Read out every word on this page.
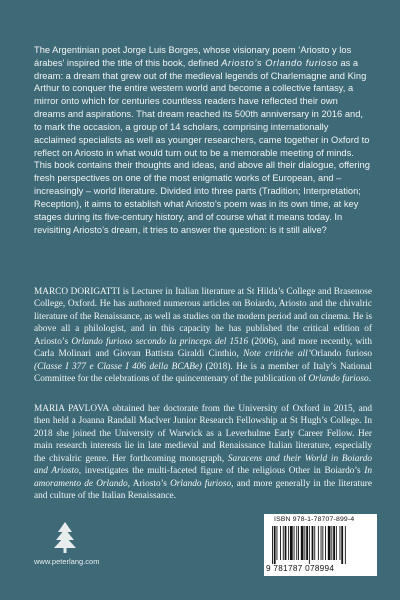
The Argentinian poet Jorge Luis Borges, whose visionary poem ‘Ariosto y los árabes’ inspired the title of this book, defined Ariosto’s Orlando furioso as a dream: a dream that grew out of the medieval legends of Charlemagne and King Arthur to conquer the entire western world and become a collective fantasy, a mirror onto which for centuries countless readers have reflected their own dreams and aspirations. That dream reached its 500th anniversary in 2016 and, to mark the occasion, a group of 14 scholars, comprising internationally acclaimed specialists as well as younger researchers, came together in Oxford to reflect on Ariosto in what would turn out to be a memorable meeting of minds. This book contains their thoughts and ideas, and above all their dialogue, offering fresh perspectives on one of the most enigmatic works of European, and – increasingly – world literature. Divided into three parts (Tradition; Interpretation; Reception), it aims to establish what Ariosto’s poem was in its own time, at key stages during its five-century history, and of course what it means today. In revisiting Ariosto’s dream, it tries to answer the question: is it still alive?

MARCO DORIGATTI is Lecturer in Italian literature at St Hilda’s College and Brasenose College, Oxford. He has authored numerous articles on Boiardo, Ariosto and the chivalric literature of the Renaissance, as well as studies on the modern period and on cinema. He is above all a philologist, and in this capacity he has published the critical edition of Ariosto’s Orlando furioso secondo la princeps del 1516 (2006), and more recently, with Carla Molinari and Giovan Battista Giraldi Cinthio, Note critiche all’Orlando furioso (Classe I 377 e Classe I 406 della BCABe) (2018). He is a member of Italy’s National Committee for the celebrations of the quincentenary of the publication of Orlando furioso.

MARIA PAVLOVA obtained her doctorate from the University of Oxford in 2015, and then held a Joanna Randall MacIver Junior Research Fellowship at St Hugh’s College. In 2018 she joined the University of Warwick as a Leverhulme Early Career Fellow. Her main research interests lie in late medieval and Renaissance Italian literature, especially the chivalric genre. Her forthcoming monograph, Saracens and their World in Boiardo and Ariosto, investigates the multi-faceted figure of the religious Other in Boiardo’s In amoramento de Orlando, Ariosto’s Orlando furioso, and more generally in the literature and culture of the Italian Renaissance.

www.peterlang.com
ISBN 978-1-78707-899-4
9 781787 078994
